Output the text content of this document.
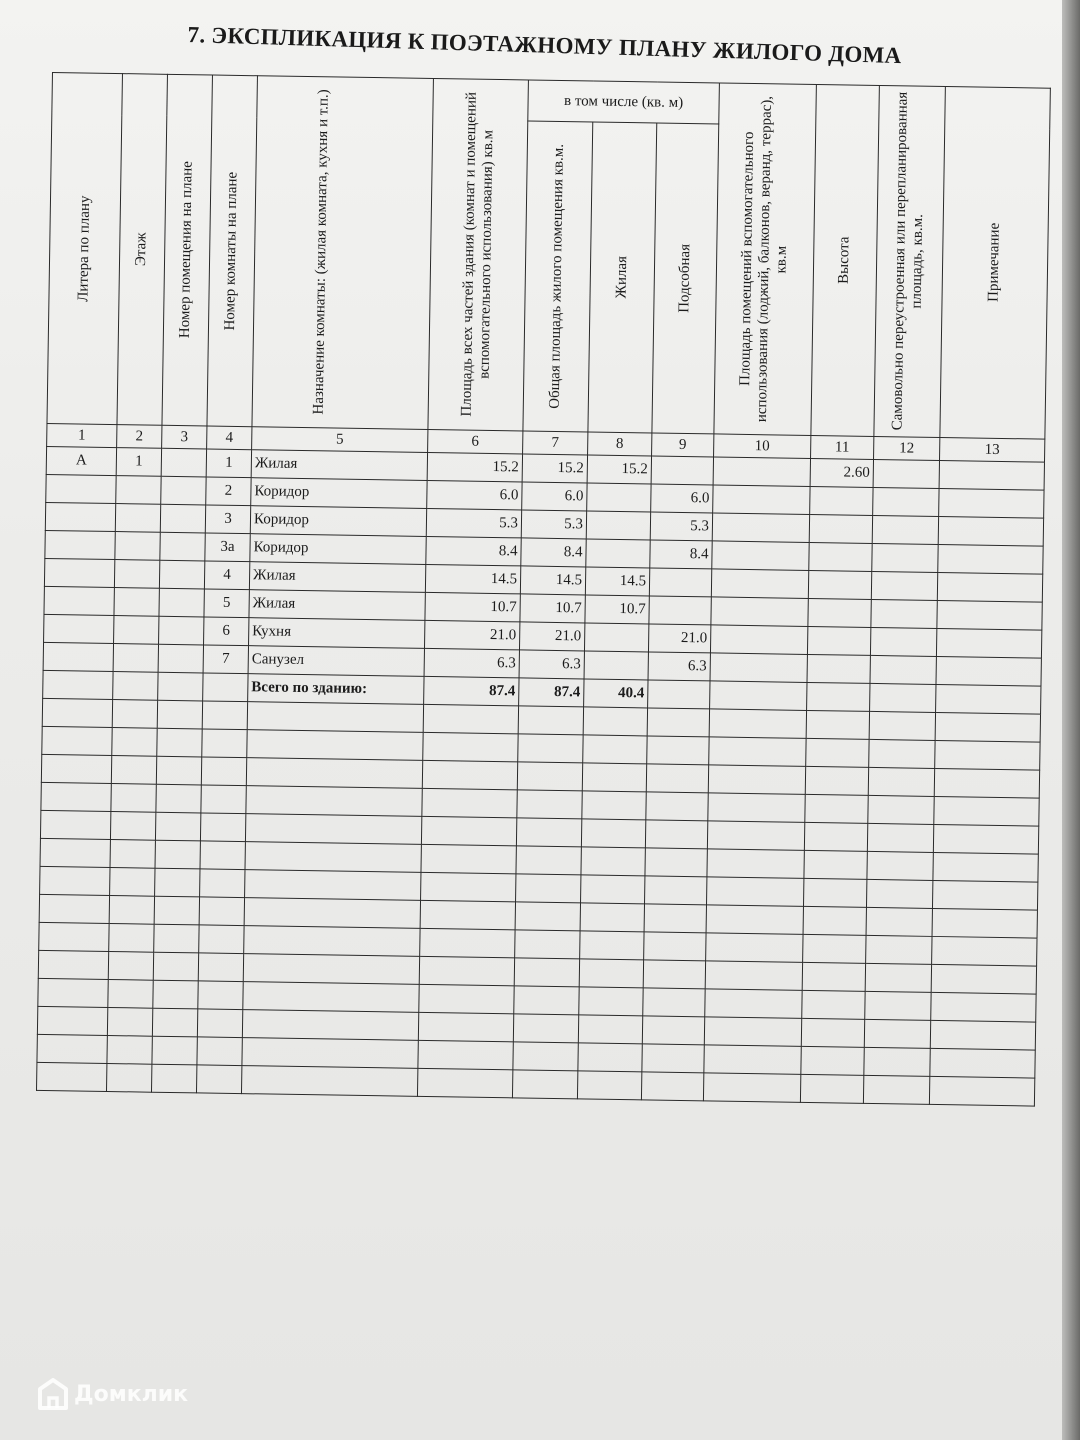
7. ЭКСПЛИКАЦИЯ К ПОЭТАЖНОМУ ПЛАНУ ЖИЛОГО ДОМА
Литера по плану	Этаж	Номер помещения на плане	Номер комнаты на плане	Назначение комнаты: (жилая комната, кухня и т.п.)	Площадь всех частей здания (комнат и помещений вспомогательного использования) кв.м	в том числе (кв. м)			Площадь помещений вспомогательного использования (лоджий, балконов, веранд, террас), кв.м	Высота	Самовольно переустроенная или перепланированная площадь, кв.м.	Примечание

						Общая площадь жилого помещения кв.м.	Жилая	Подсобная				

1	2	3	4	5	6	7	8	9	10	11	12	13
А	1		1	Жилая	15.2	15.2	15.2			2.60		
			2	Коридор	6.0	6.0		6.0				
			3	Коридор	5.3	5.3		5.3				
			3а	Коридор	8.4	8.4		8.4				
			4	Жилая	14.5	14.5	14.5					
			5	Жилая	10.7	10.7	10.7					
			6	Кухня	21.0	21.0		21.0				
			7	Санузел	6.3	6.3		6.3				
				Всего по зданию:	87.4	87.4	40.4					

Домклик
